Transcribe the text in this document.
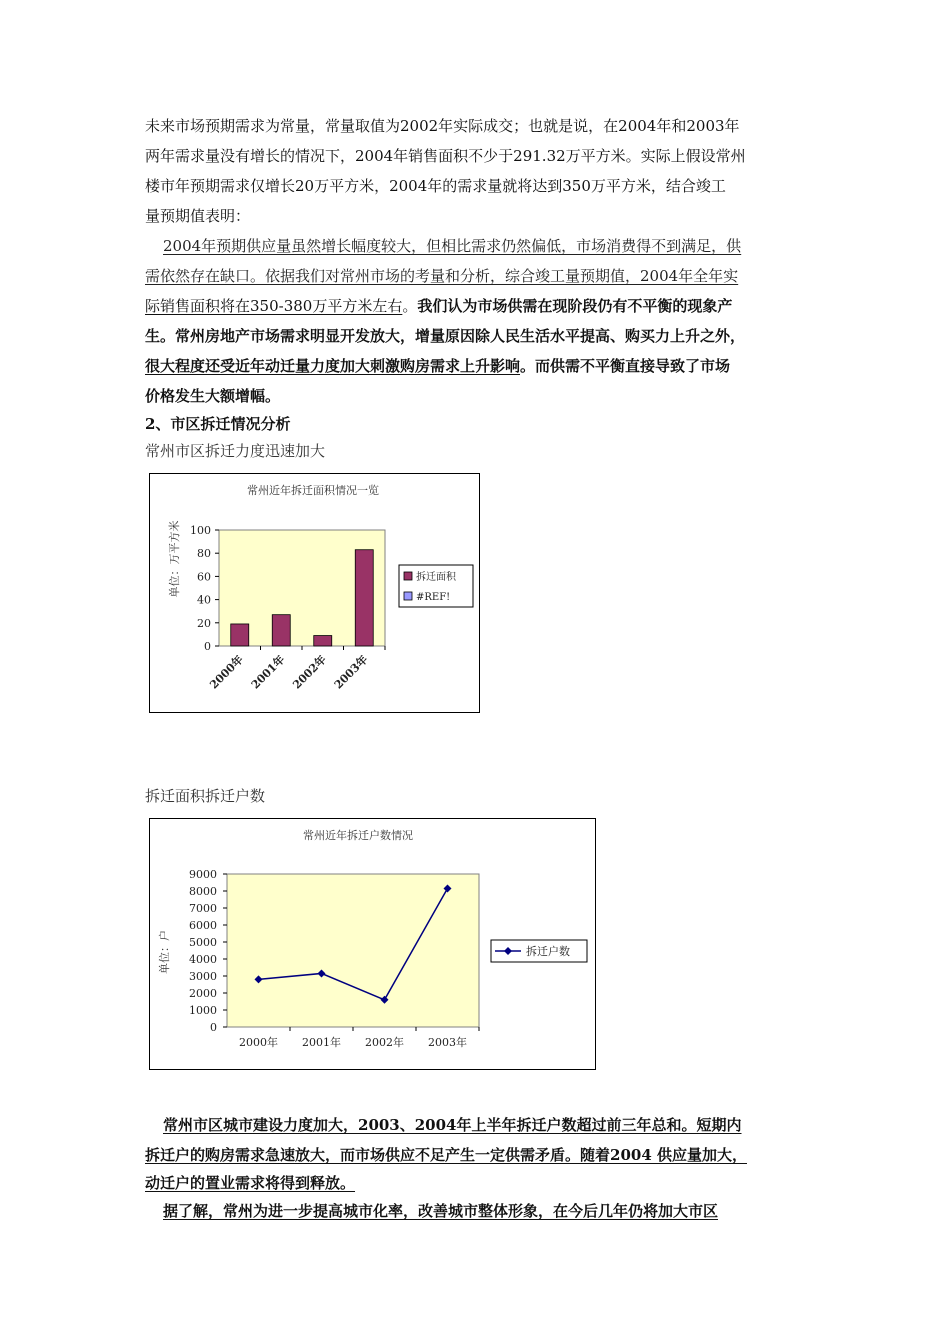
未来市场预期需求为常量，常量取值为2002年实际成交；也就是说，在2004年和2003年
两年需求量没有增长的情况下，2004年销售面积不少于291.32万平方米。实际上假设常州
楼市年预期需求仅增长20万平方米，2004年的需求量就将达到350万平方米，结合竣工
量预期值表明：
2004年预期供应量虽然增长幅度较大，但相比需求仍然偏低，市场消费得不到满足，供
需依然存在缺口。依据我们对常州市场的考量和分析，综合竣工量预期值，2004年全年实
际销售面积将在350-380万平方米左右。我们认为市场供需在现阶段仍有不平衡的现象产
生。常州房地产市场需求明显开发放大，增量原因除人民生活水平提高、购买力上升之外，
很大程度还受近年动迁量力度加大刺激购房需求上升影响。而供需不平衡直接导致了市场
价格发生大额增幅。
2、市区拆迁情况分析
常州市区拆迁力度迅速加大
常州近年拆迁面积情况一览
单位：万平方米 100
80
60
40
20
0
2000年 2001年 2002年 2003年
拆迁面积
#REF!
拆迁面积拆迁户数
常州近年拆迁户数情况
单位：户
9000
8000
7000
6000
5000
4000
3000
2000
1000
0
2000年 2001年 2002年 2003年
拆迁户数
常州市区城市建设力度加大，2003、2004年上半年拆迁户数超过前三年总和。短期内
拆迁户的购房需求急速放大，而市场供应不足产生一定供需矛盾。随着2004 供应量加大，
动迁户的置业需求将得到释放。
据了解，常州为进一步提高城市化率，改善城市整体形象，在今后几年仍将加大市区
